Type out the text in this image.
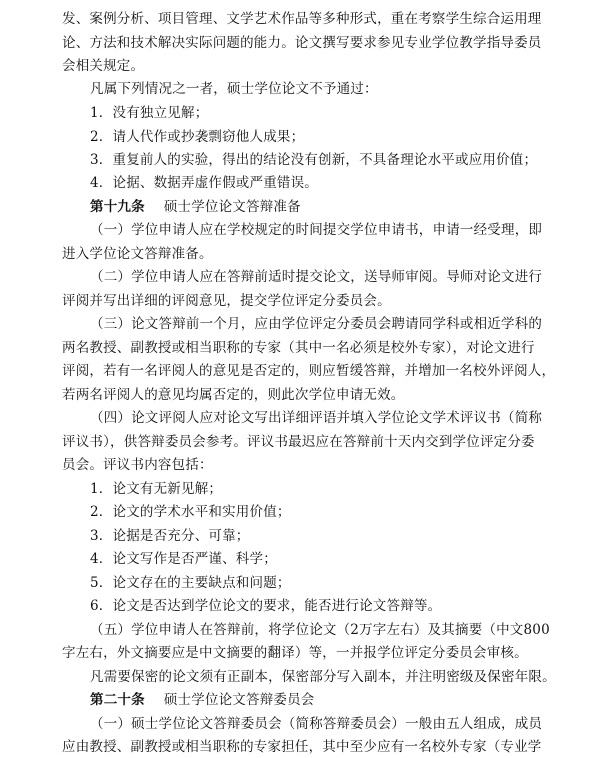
发、案例分析、项目管理、文学艺术作品等多种形式，重在考察学生综合运用理
论、方法和技术解决实际问题的能力。论文撰写要求参见专业学位教学指导委员
会相关规定。
凡属下列情况之一者，硕士学位论文不予通过：
1．没有独立见解；
2．请人代作或抄袭剽窃他人成果；
3．重复前人的实验，得出的结论没有创新，不具备理论水平或应用价值；
4．论据、数据弄虚作假或严重错误。
第十九条 硕士学位论文答辩准备
（一）学位申请人应在学校规定的时间提交学位申请书，申请一经受理，即
进入学位论文答辩准备。
（二）学位申请人应在答辩前适时提交论文，送导师审阅。导师对论文进行
评阅并写出详细的评阅意见，提交学位评定分委员会。
（三）论文答辩前一个月，应由学位评定分委员会聘请同学科或相近学科的
两名教授、副教授或相当职称的专家（其中一名必须是校外专家），对论文进行
评阅，若有一名评阅人的意见是否定的，则应暂缓答辩，并增加一名校外评阅人，
若两名评阅人的意见均属否定的，则此次学位申请无效。
（四）论文评阅人应对论文写出详细评语并填入学位论文学术评议书（简称
评议书），供答辩委员会参考。评议书最迟应在答辩前十天内交到学位评定分委
员会。评议书内容包括：
1．论文有无新见解；
2．论文的学术水平和实用价值；
3．论据是否充分、可靠；
4．论文写作是否严谨、科学；
5．论文存在的主要缺点和问题；
6．论文是否达到学位论文的要求，能否进行论文答辩等。
（五）学位申请人在答辩前，将学位论文（2万字左右）及其摘要（中文800
字左右，外文摘要应是中文摘要的翻译）等，一并报学位评定分委员会审核。
凡需要保密的论文须有正副本，保密部分写入副本，并注明密级及保密年限。
第二十条 硕士学位论文答辩委员会
（一）硕士学位论文答辩委员会（简称答辩委员会）一般由五人组成，成员
应由教授、副教授或相当职称的专家担任，其中至少应有一名校外专家（专业学
